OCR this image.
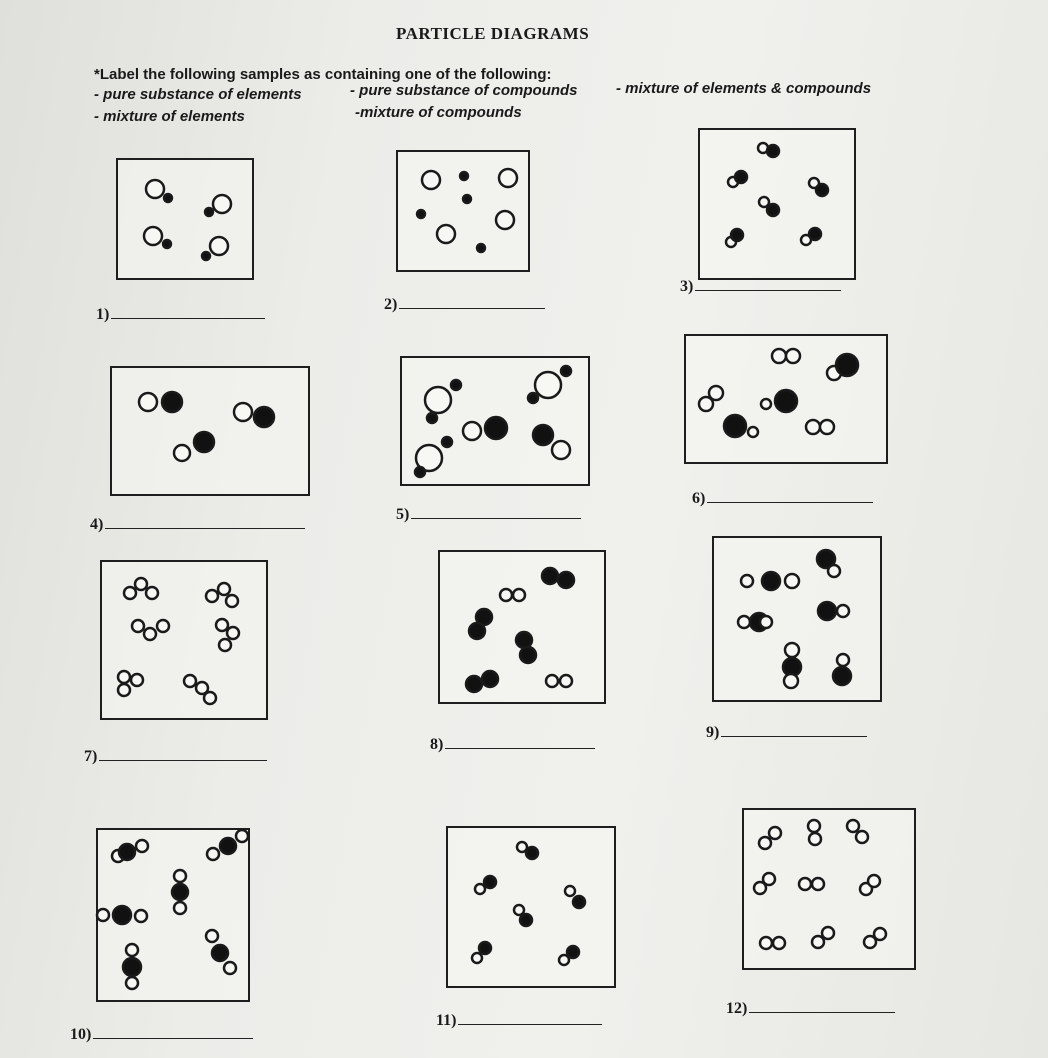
PARTICLE DIAGRAMS
*Label the following samples as containing one of the following:
- pure substance of elements	- pure substance of compounds
- mixture of elements	-mixture of compounds
- mixture of elements & compounds
1)
2)
3)
4)
5)
6)
7)
8)
9)
10)
11)
12)
